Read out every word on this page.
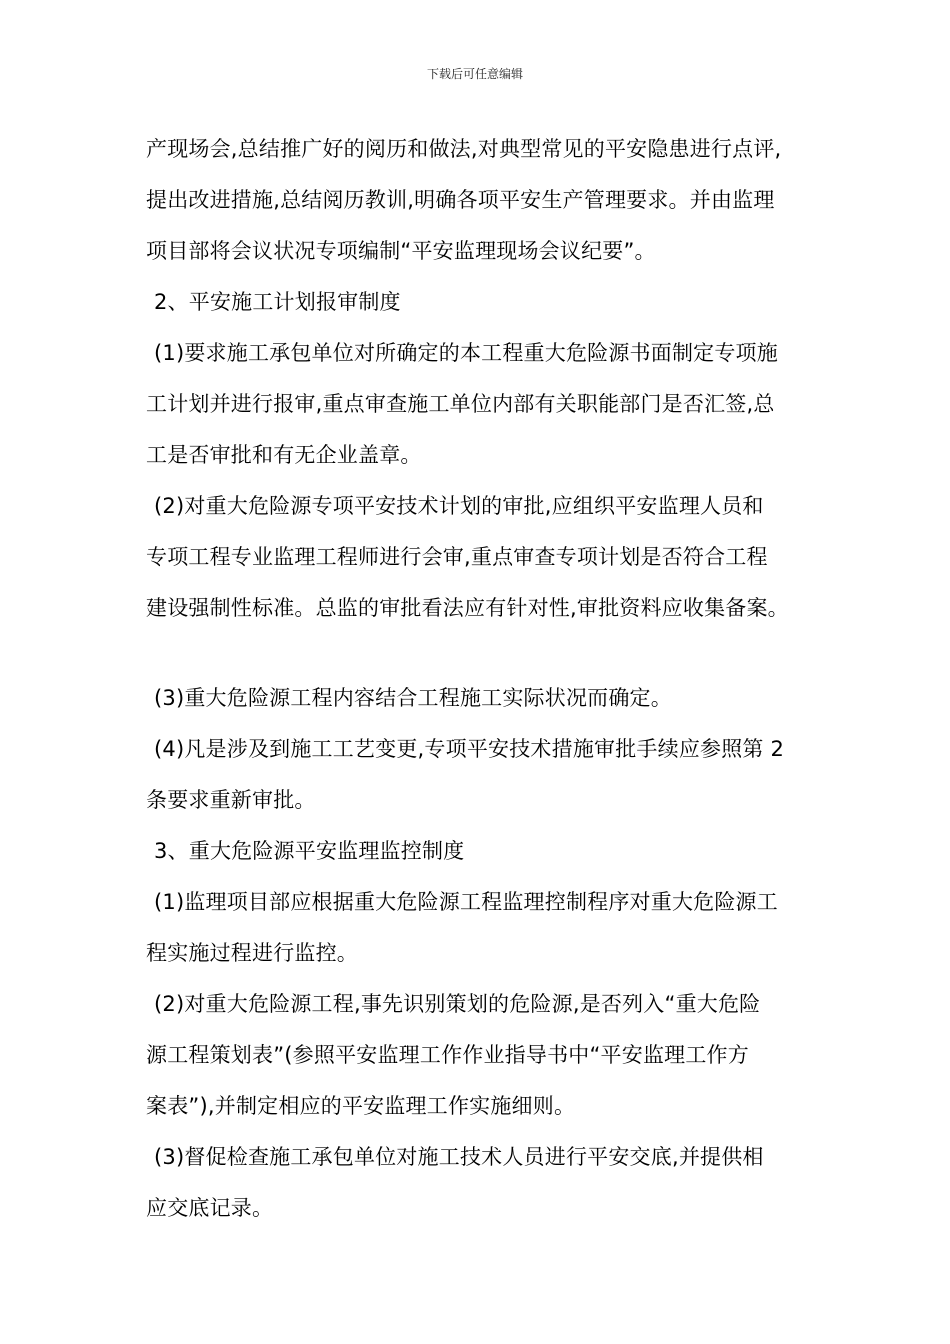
下载后可任意编辑
产现场会,总结推广好的阅历和做法,对典型常见的平安隐患进行点评,
提出改进措施,总结阅历教训,明确各项平安生产管理要求。并由监理
项目部将会议状况专项编制“平安监理现场会议纪要”。
2、平安施工计划报审制度
(1)要求施工承包单位对所确定的本工程重大危险源书面制定专项施
工计划并进行报审,重点审查施工单位内部有关职能部门是否汇签,总
工是否审批和有无企业盖章。
(2)对重大危险源专项平安技术计划的审批,应组织平安监理人员和
专项工程专业监理工程师进行会审,重点审查专项计划是否符合工程
建设强制性标准。总监的审批看法应有针对性,审批资料应收集备案。
(3)重大危险源工程内容结合工程施工实际状况而确定。
(4)凡是涉及到施工工艺变更,专项平安技术措施审批手续应参照第 2
条要求重新审批。
3、重大危险源平安监理监控制度
(1)监理项目部应根据重大危险源工程监理控制程序对重大危险源工
程实施过程进行监控。
(2)对重大危险源工程,事先识别策划的危险源,是否列入“重大危险
源工程策划表”(参照平安监理工作作业指导书中“平安监理工作方
案表”),并制定相应的平安监理工作实施细则。
(3)督促检查施工承包单位对施工技术人员进行平安交底,并提供相
应交底记录。
